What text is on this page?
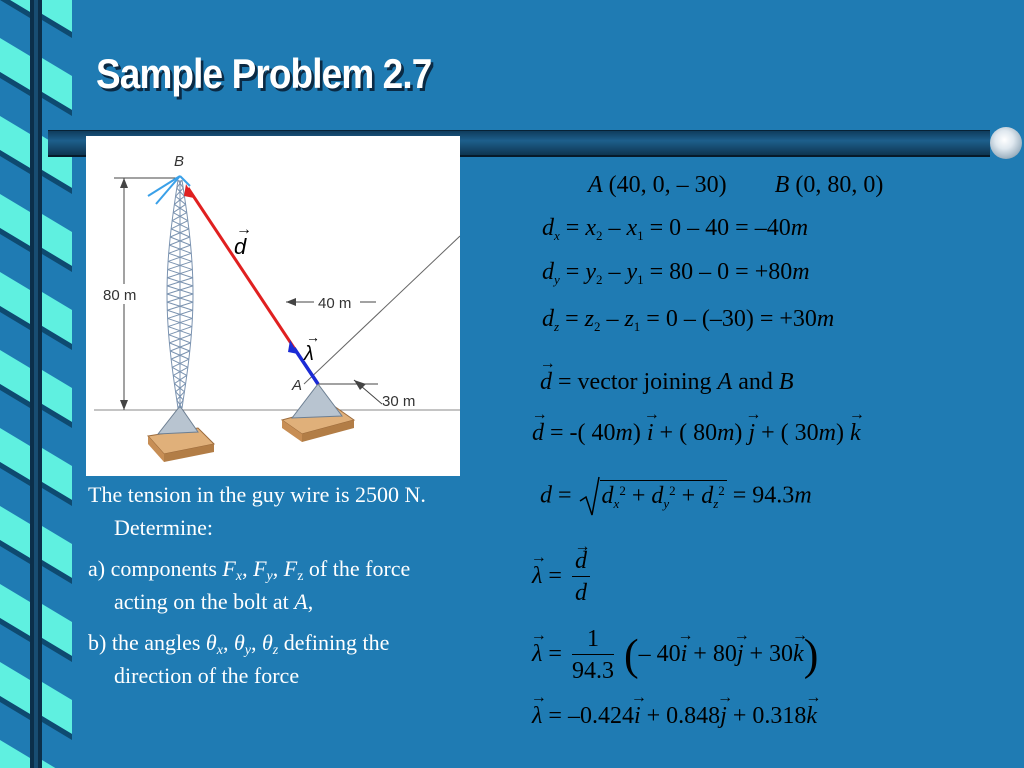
Sample Problem 2.7
80 m	40 m
30 m
B
A
d
→
λ
→

The tension in the guy wire is 2500 N.
Determine:

a) components $F_x$, $F_y$, $F_z$ of the force
acting on the bolt at A,

b) the angles $\theta_x$, $\theta_y$, $\theta_z$ defining the
direction of the force

A (40, 0, – 30) B (0, 80, 0)
$d_x = x_2 - x_1 = 0 - 40 = -40m$
$d_y = y_2 - y_1 = 80 - 0 = +80m$
$d_z = z_2 - z_1 = 0 - (-30) = +30m$
→ d = vector joining A and B
→ d = -( 40m) → i + ( 80m) → j + ( 30m) → k
$d = d_x^2 + d_y^2 + d_z^2 = 94.3m$
→ λ =
→ $\frac{d}{d}$
→ $\lambda = \frac{1}{94.3}$ (– 40→ i + 80→ j + 30→ k)
→ λ = –0.424→ i + 0.848→ j + 0.318→ k
